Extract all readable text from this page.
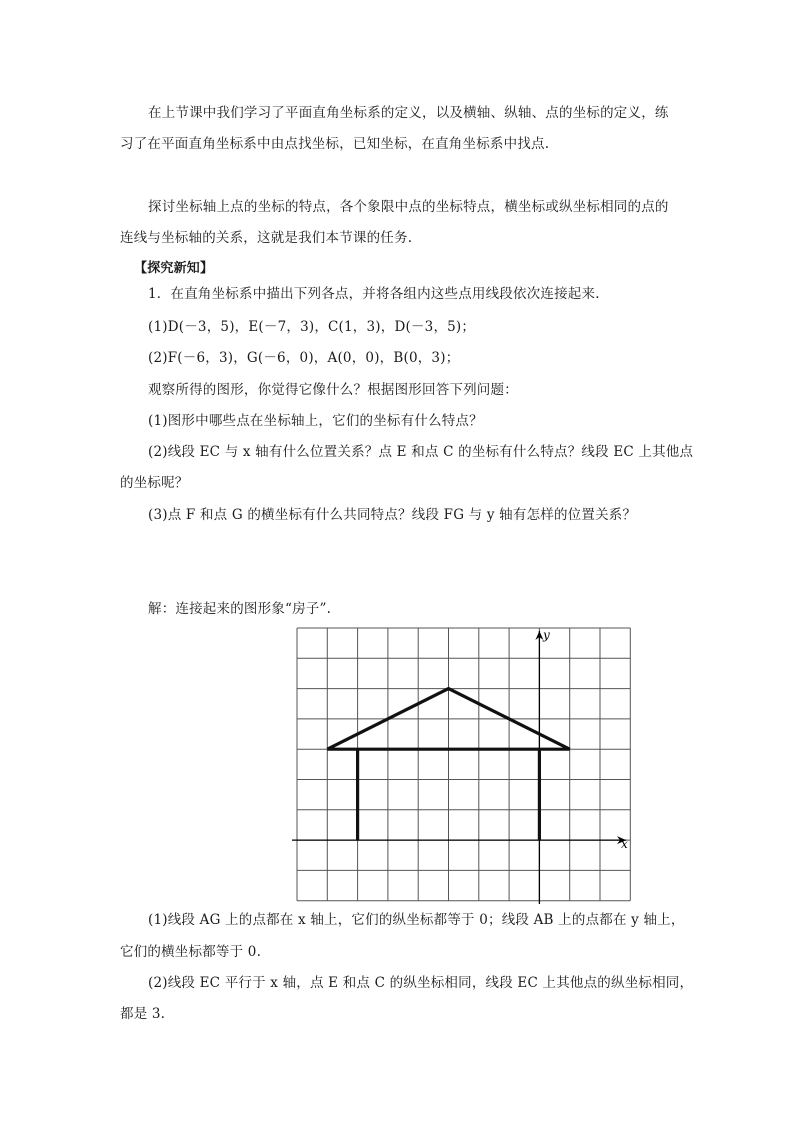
在上节课中我们学习了平面直角坐标系的定义，以及横轴、纵轴、点的坐标的定义，练
习了在平面直角坐标系中由点找坐标，已知坐标，在直角坐标系中找点.
探讨坐标轴上点的坐标的特点，各个象限中点的坐标特点，横坐标或纵坐标相同的点的
连线与坐标轴的关系，这就是我们本节课的任务.
【探究新知】
1．在直角坐标系中描出下列各点，并将各组内这些点用线段依次连接起来.
(1)D(－3，5)，E(－7，3)，C(1，3)，D(－3，5)；
(2)F(－6，3)，G(－6，0)，A(0，0)，B(0，3)；
观察所得的图形，你觉得它像什么？根据图形回答下列问题：
(1)图形中哪些点在坐标轴上，它们的坐标有什么特点？
(2)线段 EC 与 x 轴有什么位置关系？点 E 和点 C 的坐标有什么特点？线段 EC 上其他点
的坐标呢？
(3)点 F 和点 G 的横坐标有什么共同特点？线段 FG 与 y 轴有怎样的位置关系？
解：连接起来的图形象“房子”.
x
y
(1)线段 AG 上的点都在 x 轴上，它们的纵坐标都等于 0；线段 AB 上的点都在 y 轴上，
它们的横坐标都等于 0.
(2)线段 EC 平行于 x 轴，点 E 和点 C 的纵坐标相同，线段 EC 上其他点的纵坐标相同，
都是 3.
